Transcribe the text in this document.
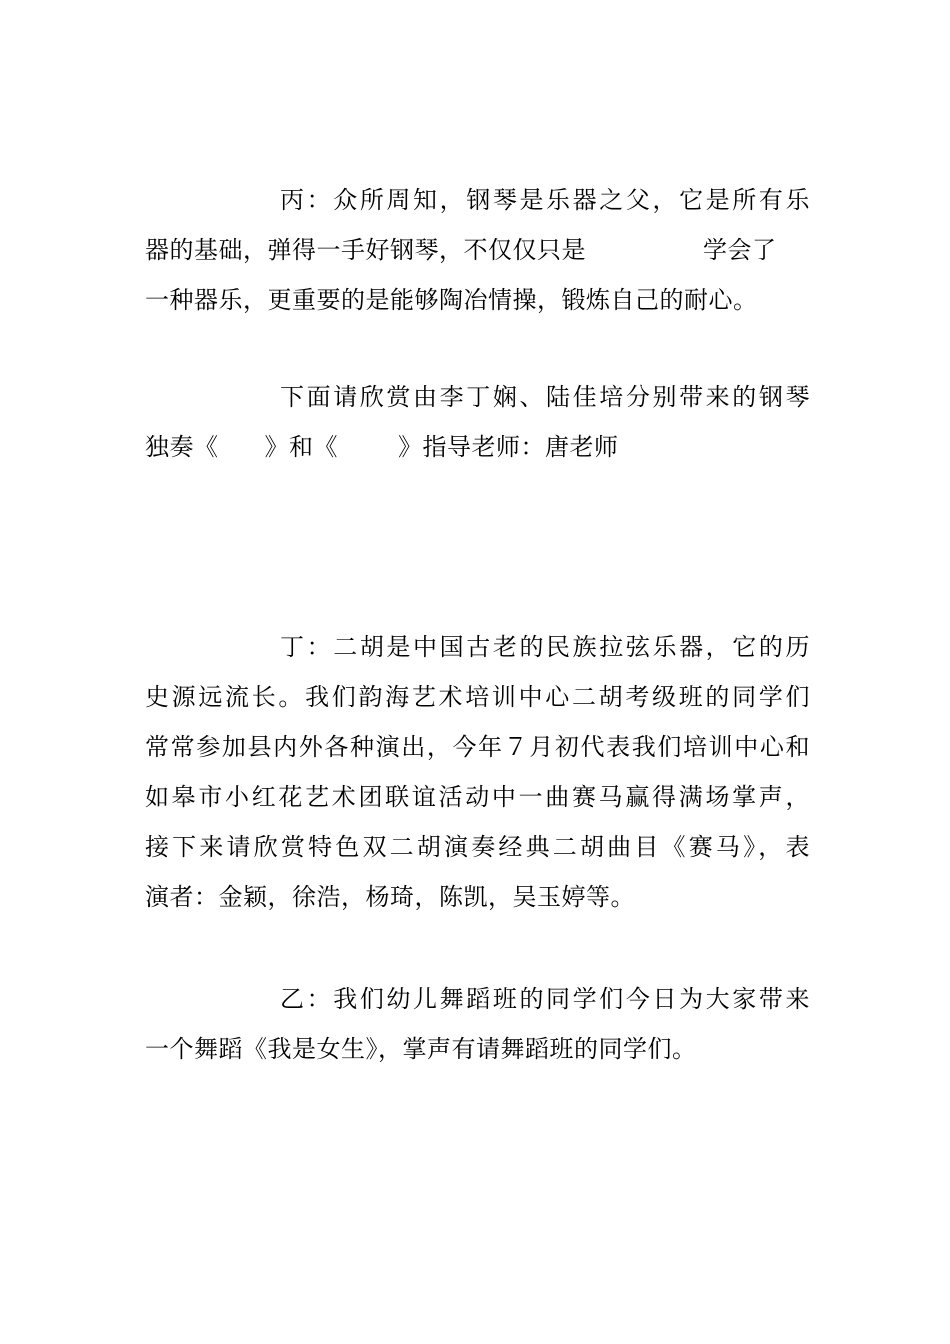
丙：众所周知，钢琴是乐器之父，它是所有乐
器的基础，弹得一手好钢琴，不仅仅只是	学会了
一种器乐，更重要的是能够陶冶情操，锻炼自己的耐心。
下面请欣赏由李丁娴、陆佳培分别带来的钢琴
独奏《 》和《	》指导老师：唐老师
丁：二胡是中国古老的民族拉弦乐器，它的历
史源远流长。我们韵海艺术培训中心二胡考级班的同学们
常常参加县内外各种演出，今年７月初代表我们培训中心和
如皋市小红花艺术团联谊活动中一曲赛马赢得满场掌声，
接下来请欣赏特色双二胡演奏经典二胡曲目《赛马》，表
演者：金颖，徐浩，杨琦，陈凯，吴玉婷等。
乙：我们幼儿舞蹈班的同学们今日为大家带来
一个舞蹈《我是女生》，掌声有请舞蹈班的同学们。
